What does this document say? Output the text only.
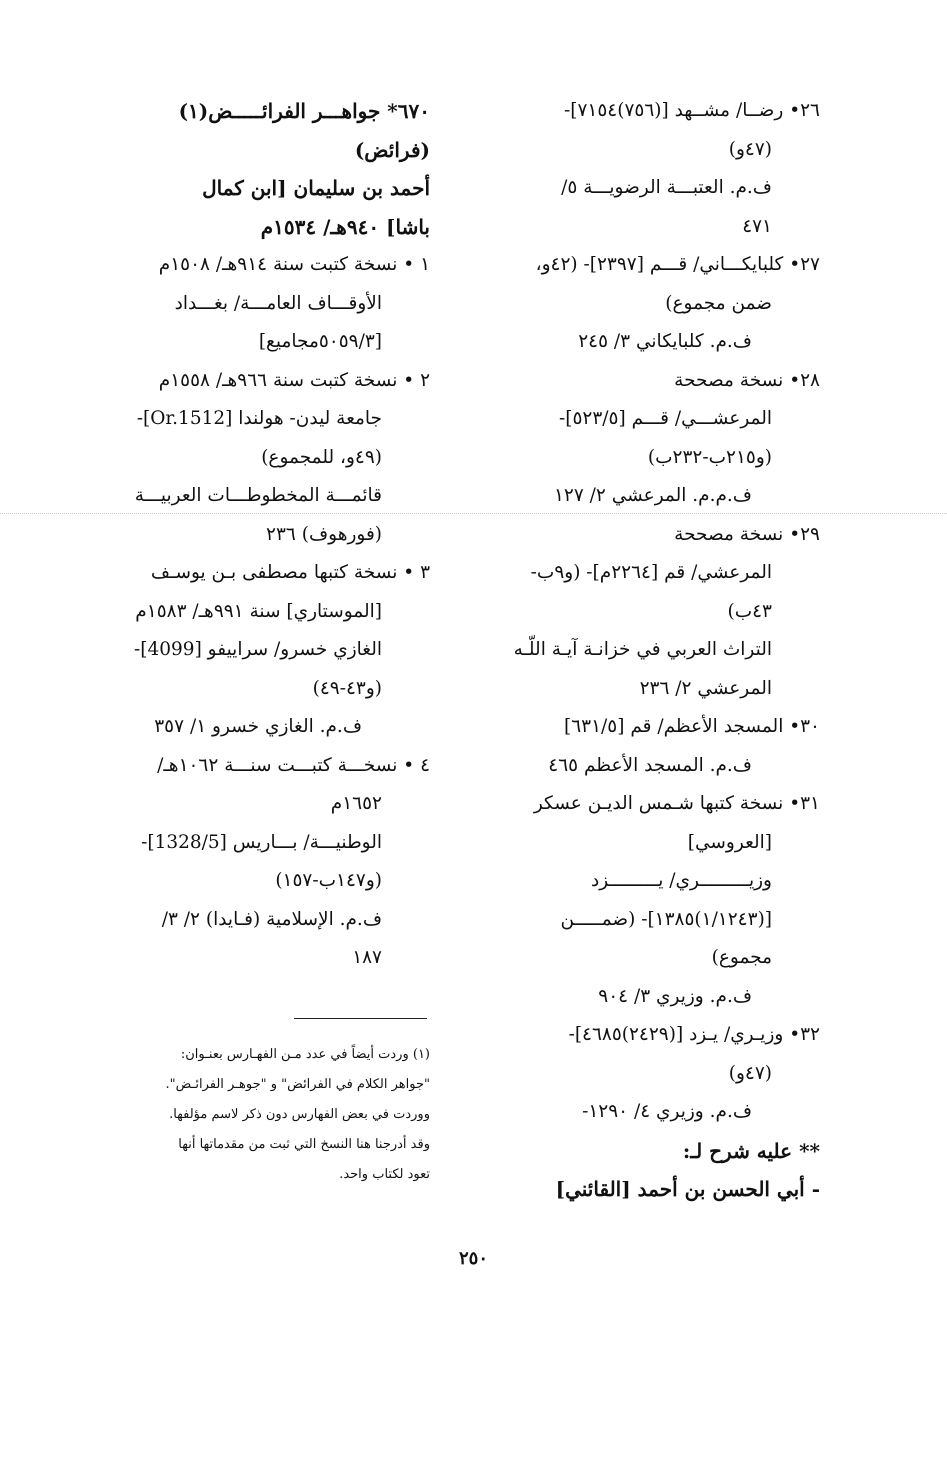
٢٦• رضــا/ مشــهد [(٧٥٦)٧١٥٤]-
(٤٧و)
ف.م. العتبـــة الرضويـــة ٥/
٤٧١
٢٧• كلبايكـــاني/ قـــم [٢٣٩٧]- (٤٢و،
ضمن مجموع)
ف.م. كلبايكاني ٣/ ٢٤٥
٢٨• نسخة مصححة
المرعشـــي/ قـــم [٥٢٣/٥]-
(و٢١٥ب-٢٣٢ب)
ف.م.م. المرعشي ٢/ ١٢٧
٢٩• نسخة مصححة
المرعشي/ قم [٢٢٦٤م]- (و٩ب-
٤٣ب)
التراث العربي في خزانـة آيـة اللّـه
المرعشي ٢/ ٢٣٦
٣٠• المسجد الأعظم/ قم [٦٣١/٥]
ف.م. المسجد الأعظم ٤٦٥
٣١• نسخة كتبها شـمس الديـن عسكر
[العروسي]
وزيـــــــــري/ يـــــــــزد
[(١/١٢٤٣)١٣٨٥]- (ضمـــــن
مجموع)
ف.م. وزيري ٣/ ٩٠٤
٣٢• وزيـري/ يـزد [(٢٤٢٩)٤٦٨٥]-
(٤٧و)
ف.م. وزيري ٤/ ١٢٩٠-
** عليه شرح لـ:
- أبي الحسن بن أحمد [القائني]
٦٧٠* جواهـــر الفرائـــــض(١)
(فرائض)
أحمد بن سليمان [ابن كمال
باشا] ٩٤٠هـ/ ١٥٣٤م
١ • نسخة كتبت سنة ٩١٤هـ/ ١٥٠٨م
الأوقـــاف العامـــة/ بغـــداد
[٥٠٥٩/٣مجاميع]
٢ • نسخة كتبت سنة ٩٦٦هـ/ ١٥٥٨م
جامعة ليدن- هولندا [Or.1512]-
(٤٩و، للمجموع)
قائمـــة المخطوطـــات العربيـــة
(فورهوف) ٢٣٦
٣ • نسخة كتبها مصطفى بـن يوسـف
[الموستاري] سنة ٩٩١هـ/ ١٥٨٣م
الغازي خسرو/ سراييفو [4099]-
(و٤٣-٤٩)
ف.م. الغازي خسرو ١/ ٣٥٧
٤ • نسخـــة كتبـــت سنـــة ١٠٦٢هـ/
١٦٥٢م
الوطنيـــة/ بـــاريس [1328/5]-
(و١٤٧ب-١٥٧)
ف.م. الإسلامية (فـايدا) ٢/ ٣/
١٨٧
(١) وردت أيضاً في عدد مـن الفهـارس بعنـوان:
"جواهر الكلام في الفرائض" و "جوهـر الفرائـض".
ووردت في بعض الفهارس دون ذكر لاسم مؤلفها.
وقد أدرجنا هنا النسخ التي ثبت من مقدماتها أنها
تعود لكتاب واحد.
٢٥٠
